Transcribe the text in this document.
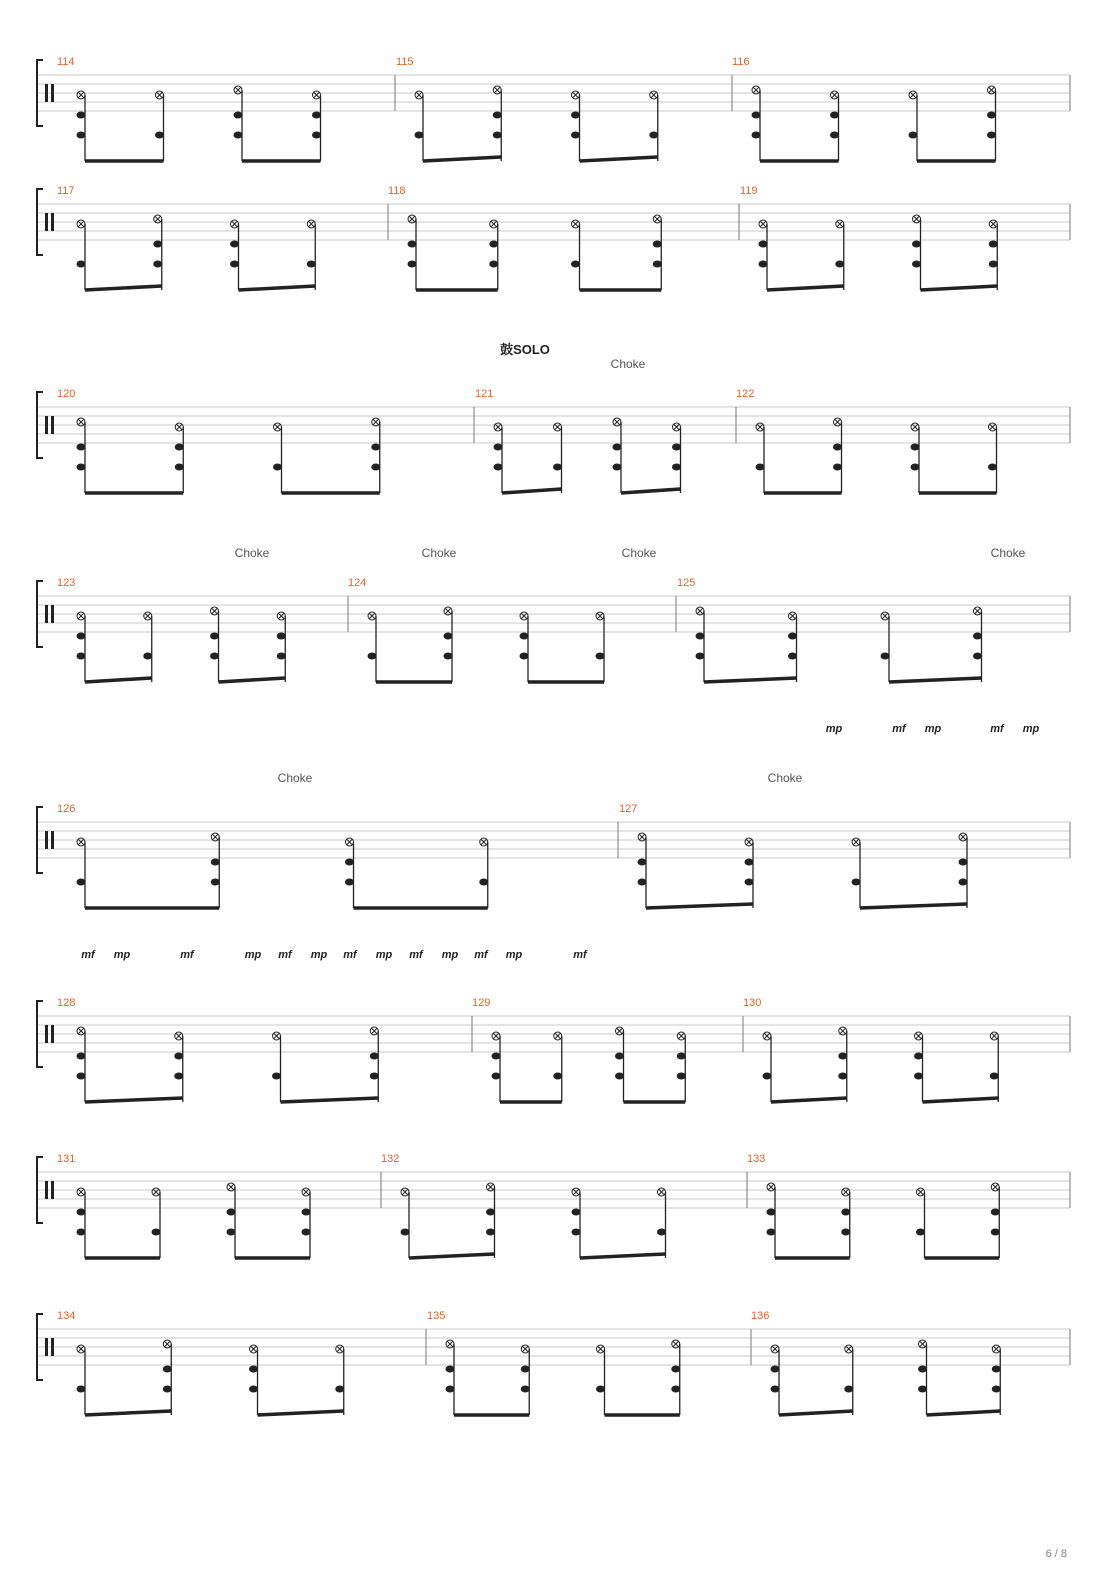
114	115	116
117	118	119
120	121	122
鼓SOLO
Choke
123	124	125
Choke	Choke	Choke	Choke
mp	mf mp	mf mp
126	127
Choke	Choke
mf mp	mf	mp mf mp mf mp mf mp mf mp	mf
128	129	130
131	132	133
134	135	136
6 / 8
